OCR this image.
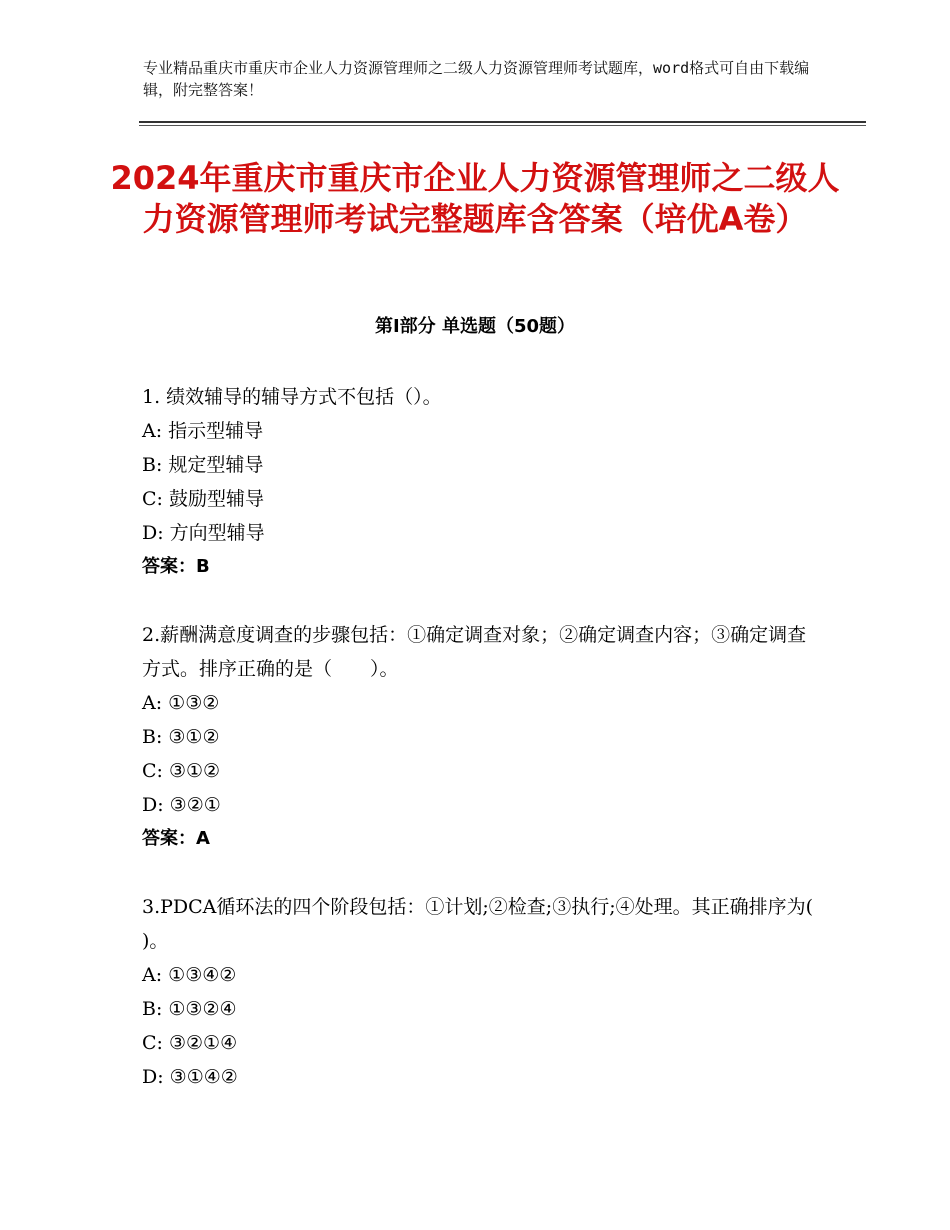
专业精品重庆市重庆市企业人力资源管理师之二级人力资源管理师考试题库，word格式可自由下载编辑，附完整答案！
2024年重庆市重庆市企业人力资源管理师之二级人力资源管理师考试完整题库含答案（培优A卷）
第Ⅰ部分 单选题（50题）

1. 绩效辅导的辅导方式不包括（）。

A: 指示型辅导

B: 规定型辅导

C: 鼓励型辅导

D: 方向型辅导

答案：B

2.薪酬满意度调查的步骤包括：①确定调查对象；②确定调查内容；③确定调查方式。排序正确的是（　　）。

A: ①③②

B: ③①②

C: ③①②

D: ③②①

答案：A

3.PDCA循环法的四个阶段包括：①计划;②检查;③执行;④处理。其正确排序为( )。

A: ①③④②

B: ①③②④

C: ③②①④

D: ③①④②
